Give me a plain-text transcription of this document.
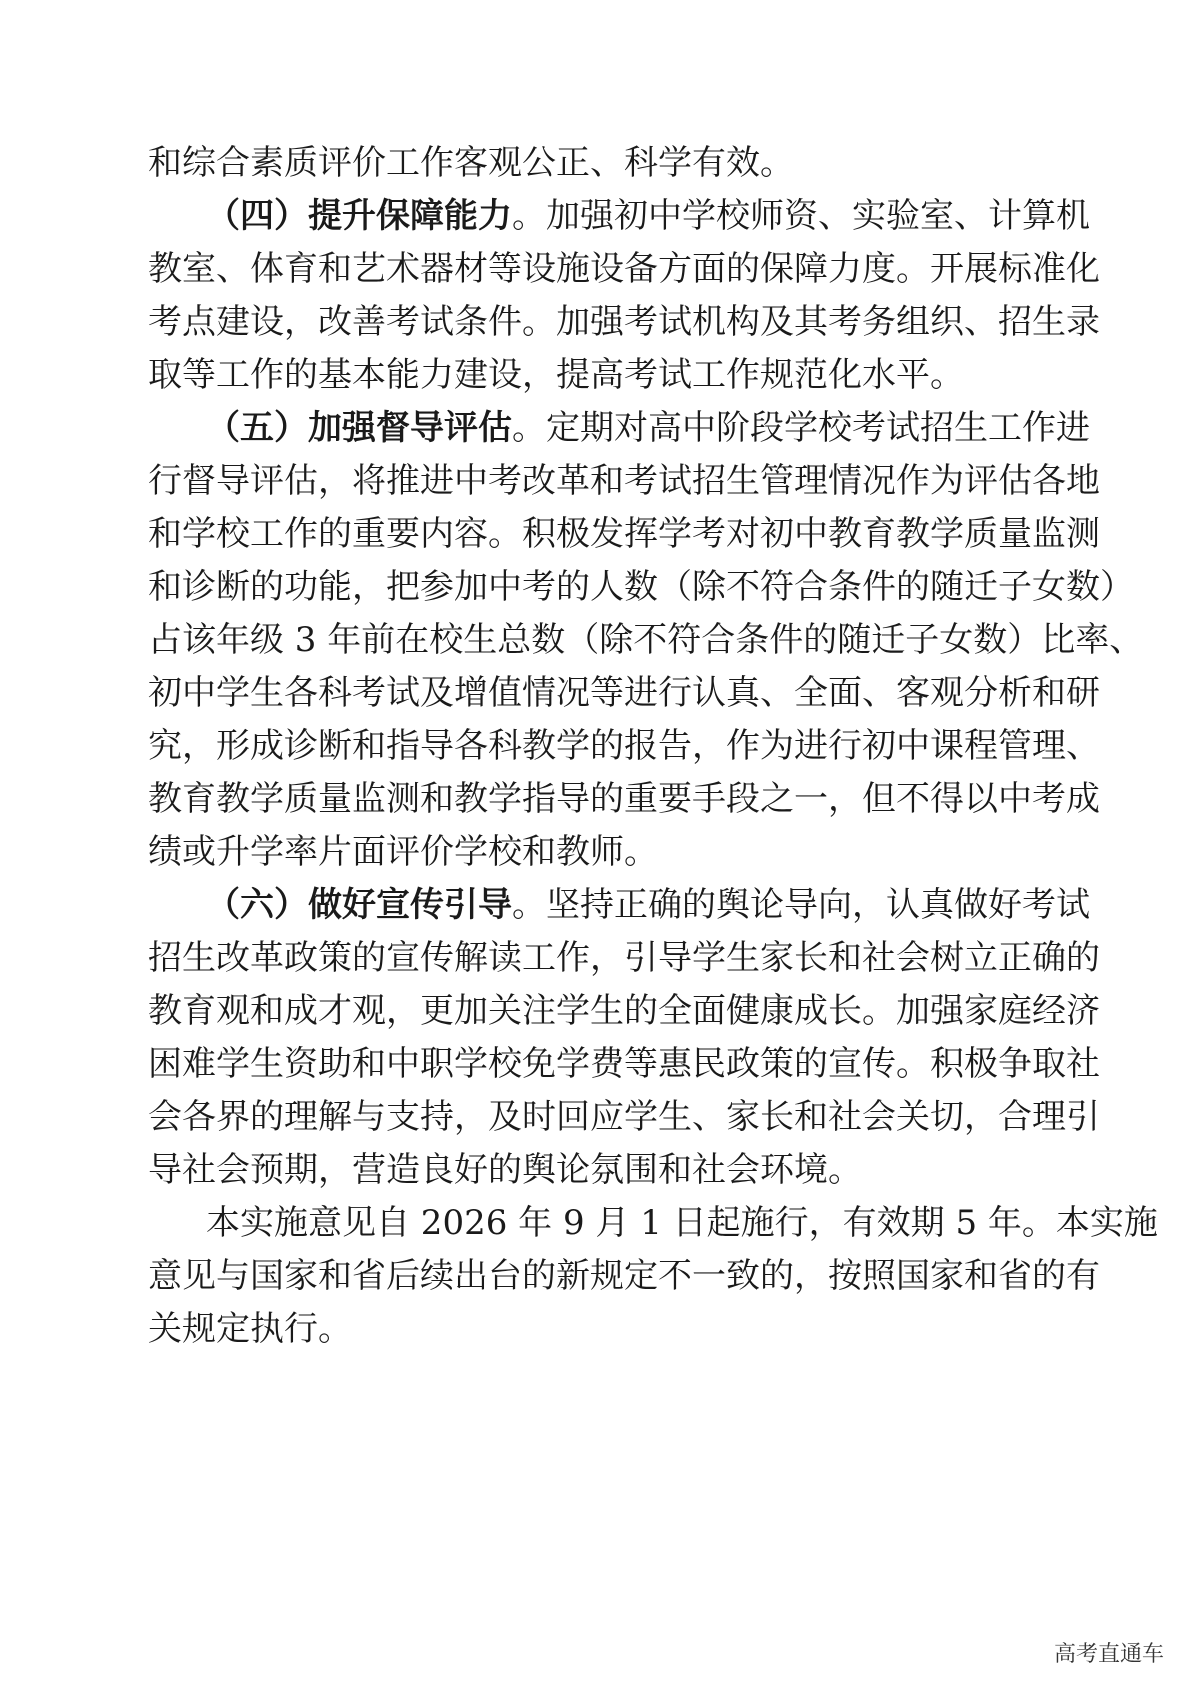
和综合素质评价工作客观公正、科学有效。
（四）提升保障能力。加强初中学校师资、实验室、计算机
教室、体育和艺术器材等设施设备方面的保障力度。开展标准化
考点建设，改善考试条件。加强考试机构及其考务组织、招生录
取等工作的基本能力建设，提高考试工作规范化水平。
（五）加强督导评估。定期对高中阶段学校考试招生工作进
行督导评估，将推进中考改革和考试招生管理情况作为评估各地
和学校工作的重要内容。积极发挥学考对初中教育教学质量监测
和诊断的功能，把参加中考的人数（除不符合条件的随迁子女数）
占该年级 3 年前在校生总数（除不符合条件的随迁子女数）比率、
初中学生各科考试及增值情况等进行认真、全面、客观分析和研
究，形成诊断和指导各科教学的报告，作为进行初中课程管理、
教育教学质量监测和教学指导的重要手段之一，但不得以中考成
绩或升学率片面评价学校和教师。
（六）做好宣传引导。坚持正确的舆论导向，认真做好考试
招生改革政策的宣传解读工作，引导学生家长和社会树立正确的
教育观和成才观，更加关注学生的全面健康成长。加强家庭经济
困难学生资助和中职学校免学费等惠民政策的宣传。积极争取社
会各界的理解与支持，及时回应学生、家长和社会关切，合理引
导社会预期，营造良好的舆论氛围和社会环境。
本实施意见自 2026 年 9 月 1 日起施行，有效期 5 年。本实施
意见与国家和省后续出台的新规定不一致的，按照国家和省的有
关规定执行。
高考直通车
